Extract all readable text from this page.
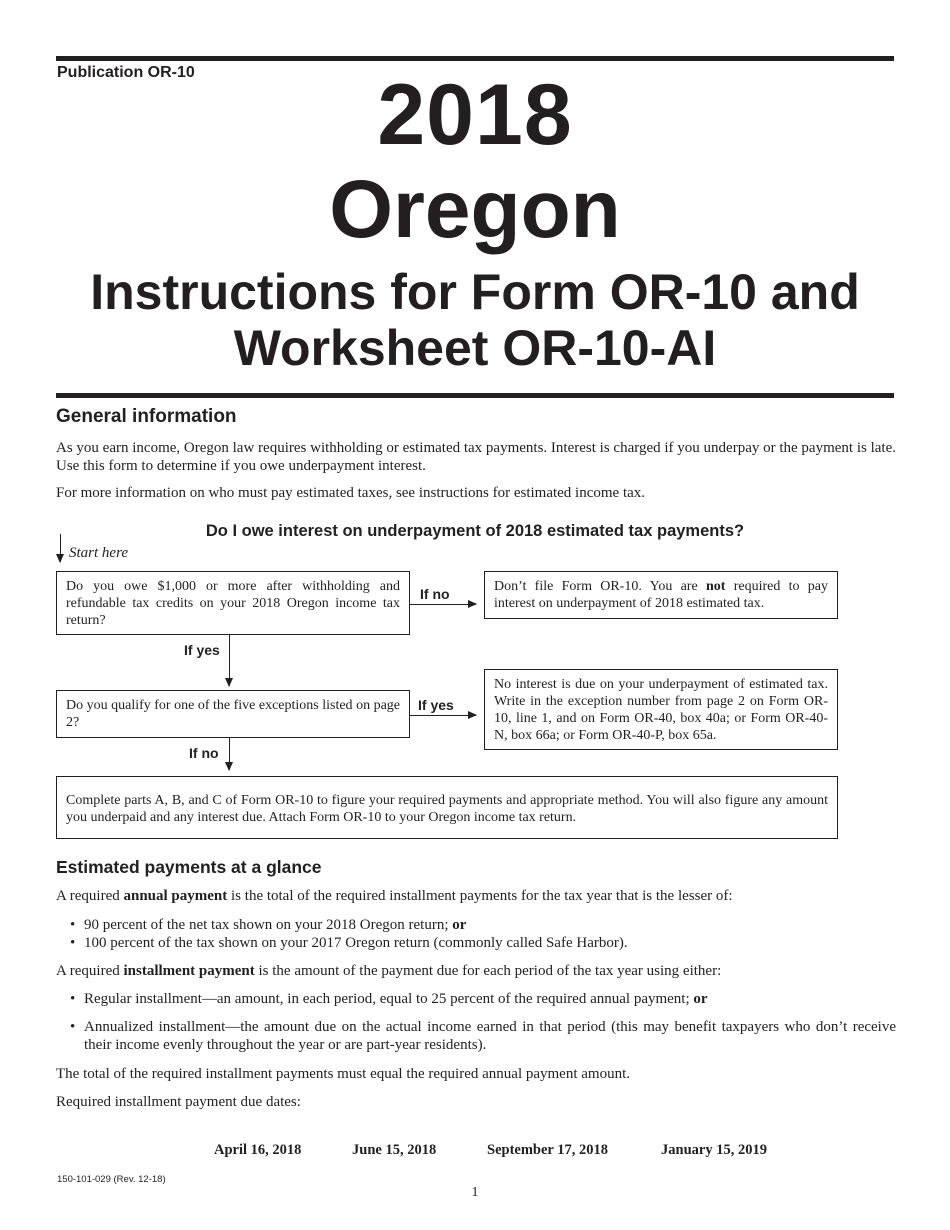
Publication OR-10	2018
Oregon
Instructions for Form OR-10 and
Worksheet OR-10-AI
General information
As you earn income, Oregon law requires withholding or estimated tax payments. Interest is charged if you underpay or the payment is late. Use this form to determine if you owe underpayment interest.
For more information on who must pay estimated taxes, see instructions for estimated income tax.
Do I owe interest on underpayment of 2018 estimated tax payments?
Start here
Do you owe $1,000 or more after withholding and refundable tax credits on your 2018 Oregon income tax return?
If no	Don’t file Form OR-10. You are not required to pay interest on underpayment of 2018 estimated tax.
If yes
Do you qualify for one of the five exceptions listed on page 2?
If yes
No interest is due on your underpayment of estimated tax. Write in the exception number from page 2 on Form OR-10, line 1, and on Form OR-40, box 40a; or Form OR-40-N, box 66a; or Form OR-40-P, box 65a.
If no
Complete parts A, B, and C of Form OR-10 to figure your required payments and appropriate method. You will also figure any amount you underpaid and any interest due. Attach Form OR-10 to your Oregon income tax return.
Estimated payments at a glance
A required annual payment is the total of the required installment payments for the tax year that is the lesser of:
• 90 percent of the net tax shown on your 2018 Oregon return; or
• 100 percent of the tax shown on your 2017 Oregon return (commonly called Safe Harbor).
A required installment payment is the amount of the payment due for each period of the tax year using either:
• Regular installment—an amount, in each period, equal to 25 percent of the required annual payment; or
• Annualized installment—the amount due on the actual income earned in that period (this may benefit taxpayers who don’t receive their income evenly throughout the year or are part-year residents).
The total of the required installment payments must equal the required annual payment amount.
Required installment payment due dates:
April 16, 2018	June 15, 2018	September 17, 2018	January 15, 2019
150-101-029 (Rev. 12-18)
1
